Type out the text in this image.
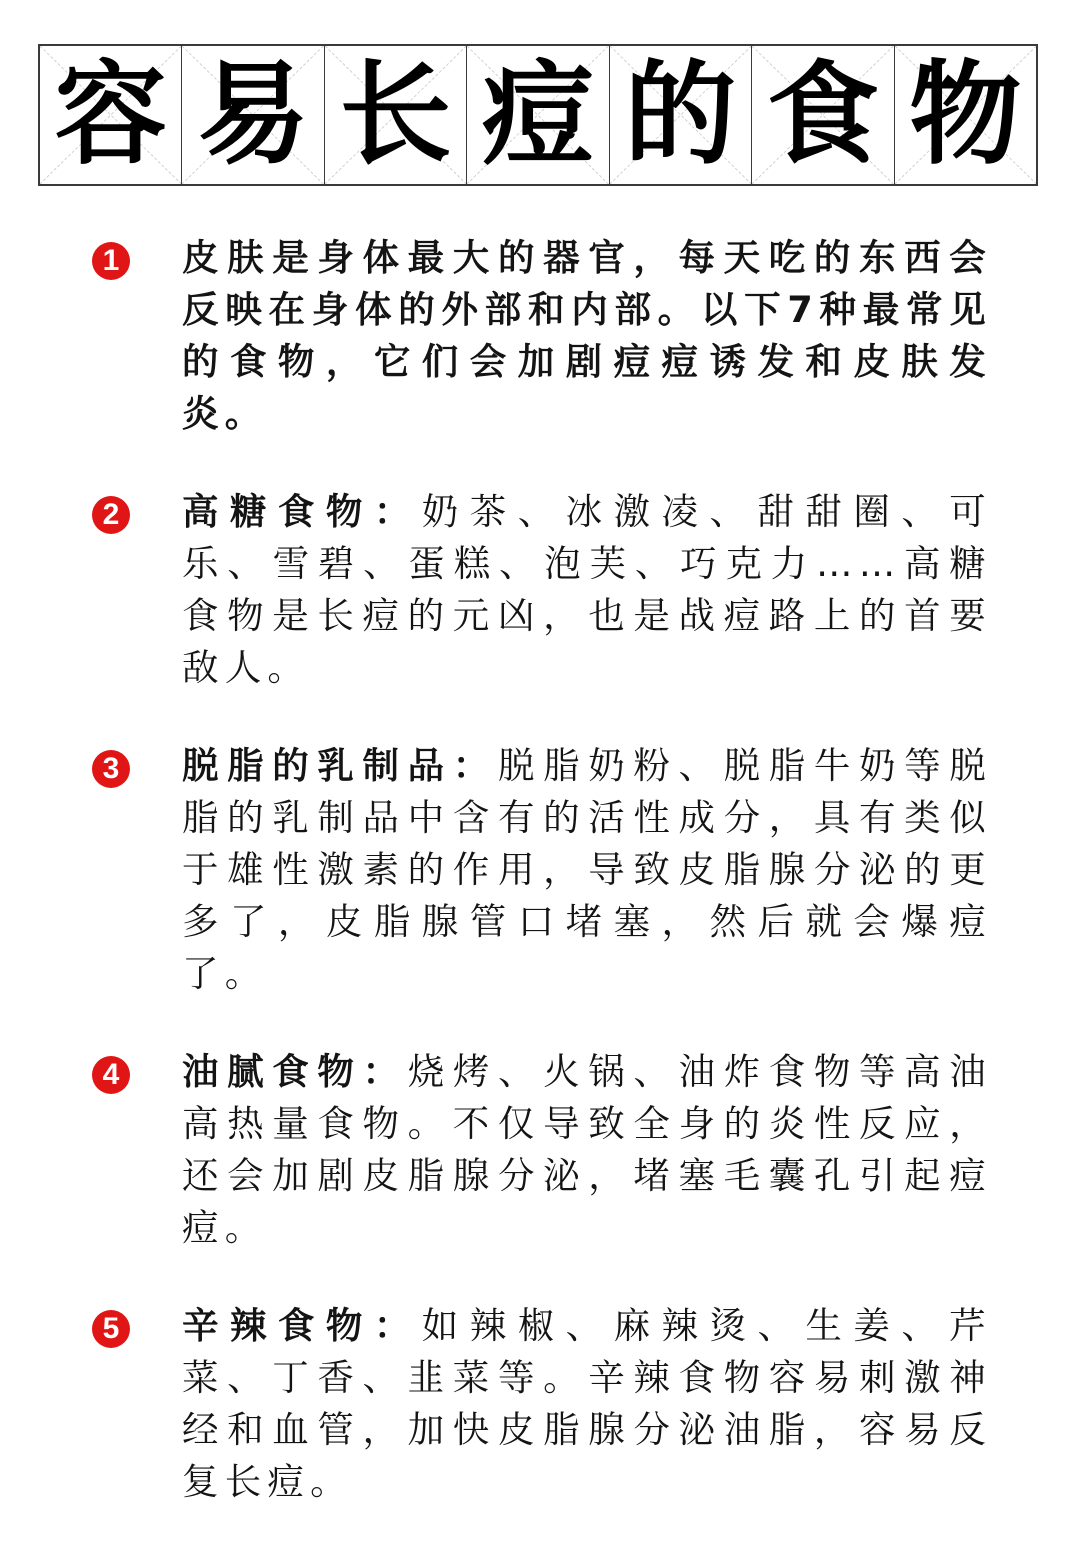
容 易 长 痘 的 食 物
1 皮肤是身体最大的器官，每天吃的东西会反映在身体的外部和内部。以下7种最常见的食物，它们会加剧痘痘诱发和皮肤发炎。
2 高糖食物：奶茶、冰激凌、甜甜圈、可乐、雪碧、蛋糕、泡芙、巧克力……高糖食物是长痘的元凶，也是战痘路上的首要敌人。
3 脱脂的乳制品：脱脂奶粉、脱脂牛奶等脱脂的乳制品中含有的活性成分，具有类似于雄性激素的作用，导致皮脂腺分泌的更多了，皮脂腺管口堵塞，然后就会爆痘了。
4 油腻食物：烧烤、火锅、油炸食物等高油高热量食物。不仅导致全身的炎性反应，还会加剧皮脂腺分泌，堵塞毛囊孔引起痘痘。
5 辛辣食物：如辣椒、麻辣烫、生姜、芹菜、丁香、韭菜等。辛辣食物容易刺激神经和血管，加快皮脂腺分泌油脂，容易反复长痘。
